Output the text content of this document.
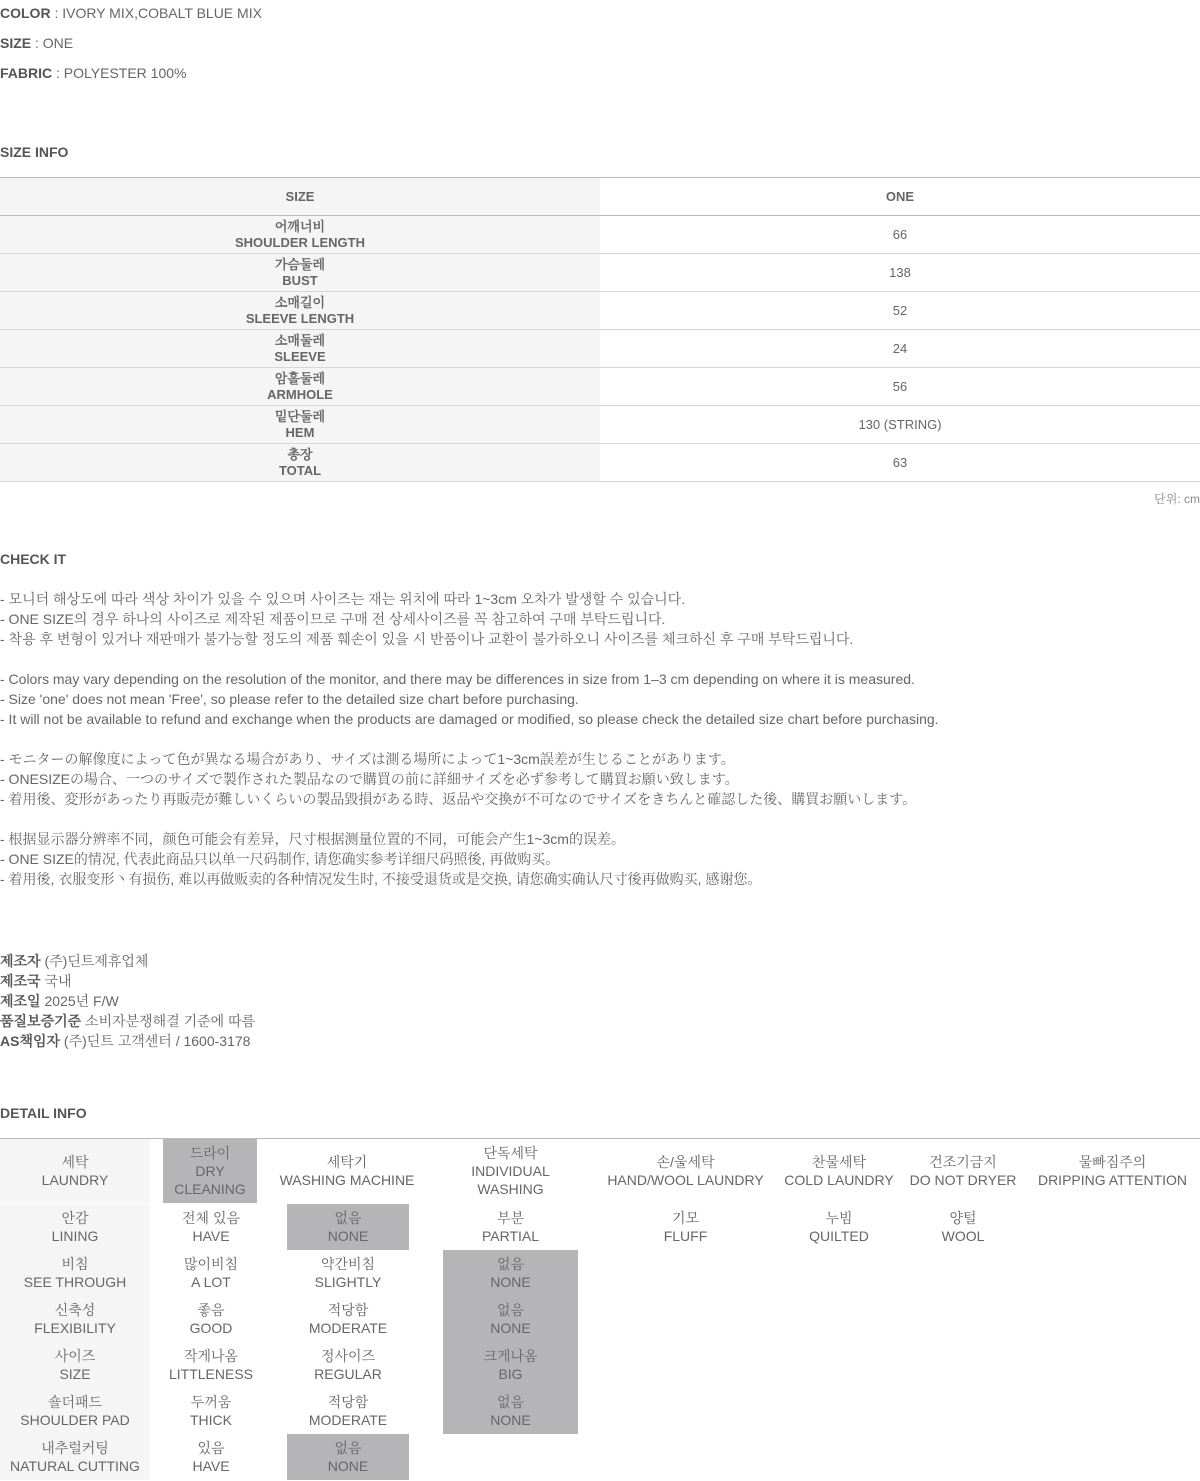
COLOR : IVORY MIX,COBALT BLUE MIX
SIZE : ONE
FABRIC : POLYESTER 100%
SIZE INFO
SIZE	ONE
어깨너비
SHOULDER LENGTH
66
가슴둘레
BUST
138
소매길이
SLEEVE LENGTH
52
소매둘레
SLEEVE
24
암홀둘레
ARMHOLE
56
밑단둘레
HEM
130 (STRING)
총장
TOTAL
63
단위: cm
CHECK IT
- 모니터 해상도에 따라 색상 차이가 있을 수 있으며 사이즈는 재는 위치에 따라 1~3cm 오차가 발생할 수 있습니다.
- ONE SIZE의 경우 하나의 사이즈로 제작된 제품이므로 구매 전 상세사이즈를 꼭 참고하여 구매 부탁드립니다.
- 착용 후 변형이 있거나 재판매가 불가능할 정도의 제품 훼손이 있을 시 반품이나 교환이 불가하오니 사이즈를 체크하신 후 구매 부탁드립니다.
- Colors may vary depending on the resolution of the monitor, and there may be differences in size from 1–3 cm depending on where it is measured.
- Size 'one' does not mean 'Free', so please refer to the detailed size chart before purchasing.
- It will not be available to refund and exchange when the products are damaged or modified, so please check the detailed size chart before purchasing.
- モニターの解像度によって色が異なる場合があり、サイズは測る場所によって1~3cm誤差が生じることがあります。
- ONESIZEの場合、一つのサイズで製作された製品なので購買の前に詳細サイズを必ず参考して購買お願い致します。
- 着用後、変形があったり再販売が難しいくらいの製品毀損がある時、返品や交換が不可なのでサイズをきちんと確認した後、購買お願いします。
- 根据显示器分辨率不同，颜色可能会有差异，尺寸根据测量位置的不同，可能会产生1~3cm的误差。
- ONE SIZE的情况, 代表此商品只以单一尺码制作, 请您确实参考详细尺码照後, 再做购买。
- 着用後, 衣服变形丶有损伤, 难以再做贩卖的各种情况发生时, 不接受退货或是交换, 请您确实确认尺寸後再做购买, 感谢您。
제조자 (주)딘트제휴업체
제조국 국내
제조일 2025년 F/W
품질보증기준 소비자분쟁해결 기준에 따름
AS책임자 (주)딘트 고객센터 / 1600-3178
DETAIL INFO
세탁
LAUNDRY
드라이
DRY
CLEANING
세탁기
WASHING MACHINE
단독세탁
INDIVIDUAL WASHING
손/울세탁
HAND/WOOL LAUNDRY
찬물세탁
COLD LAUNDRY
건조기금지
DO NOT DRYER
물빠짐주의
DRIPPING ATTENTION
안감
LINING
전체 있음
HAVE
없음
NONE
부분
PARTIAL
기모
FLUFF
누빔
QUILTED
양털
WOOL
비침
SEE THROUGH
많이비침
A LOT
약간비침
SLIGHTLY
없음
NONE
신축성
FLEXIBILITY
좋음
GOOD
적당함
MODERATE
없음
NONE
사이즈
SIZE
작게나옴
LITTLENESS
정사이즈
REGULAR
크게나옴
BIG
숄더패드
SHOULDER PAD
두꺼움
THICK
적당함
MODERATE
없음
NONE
내추럴커팅
NATURAL CUTTING
있음
HAVE
없음
NONE
